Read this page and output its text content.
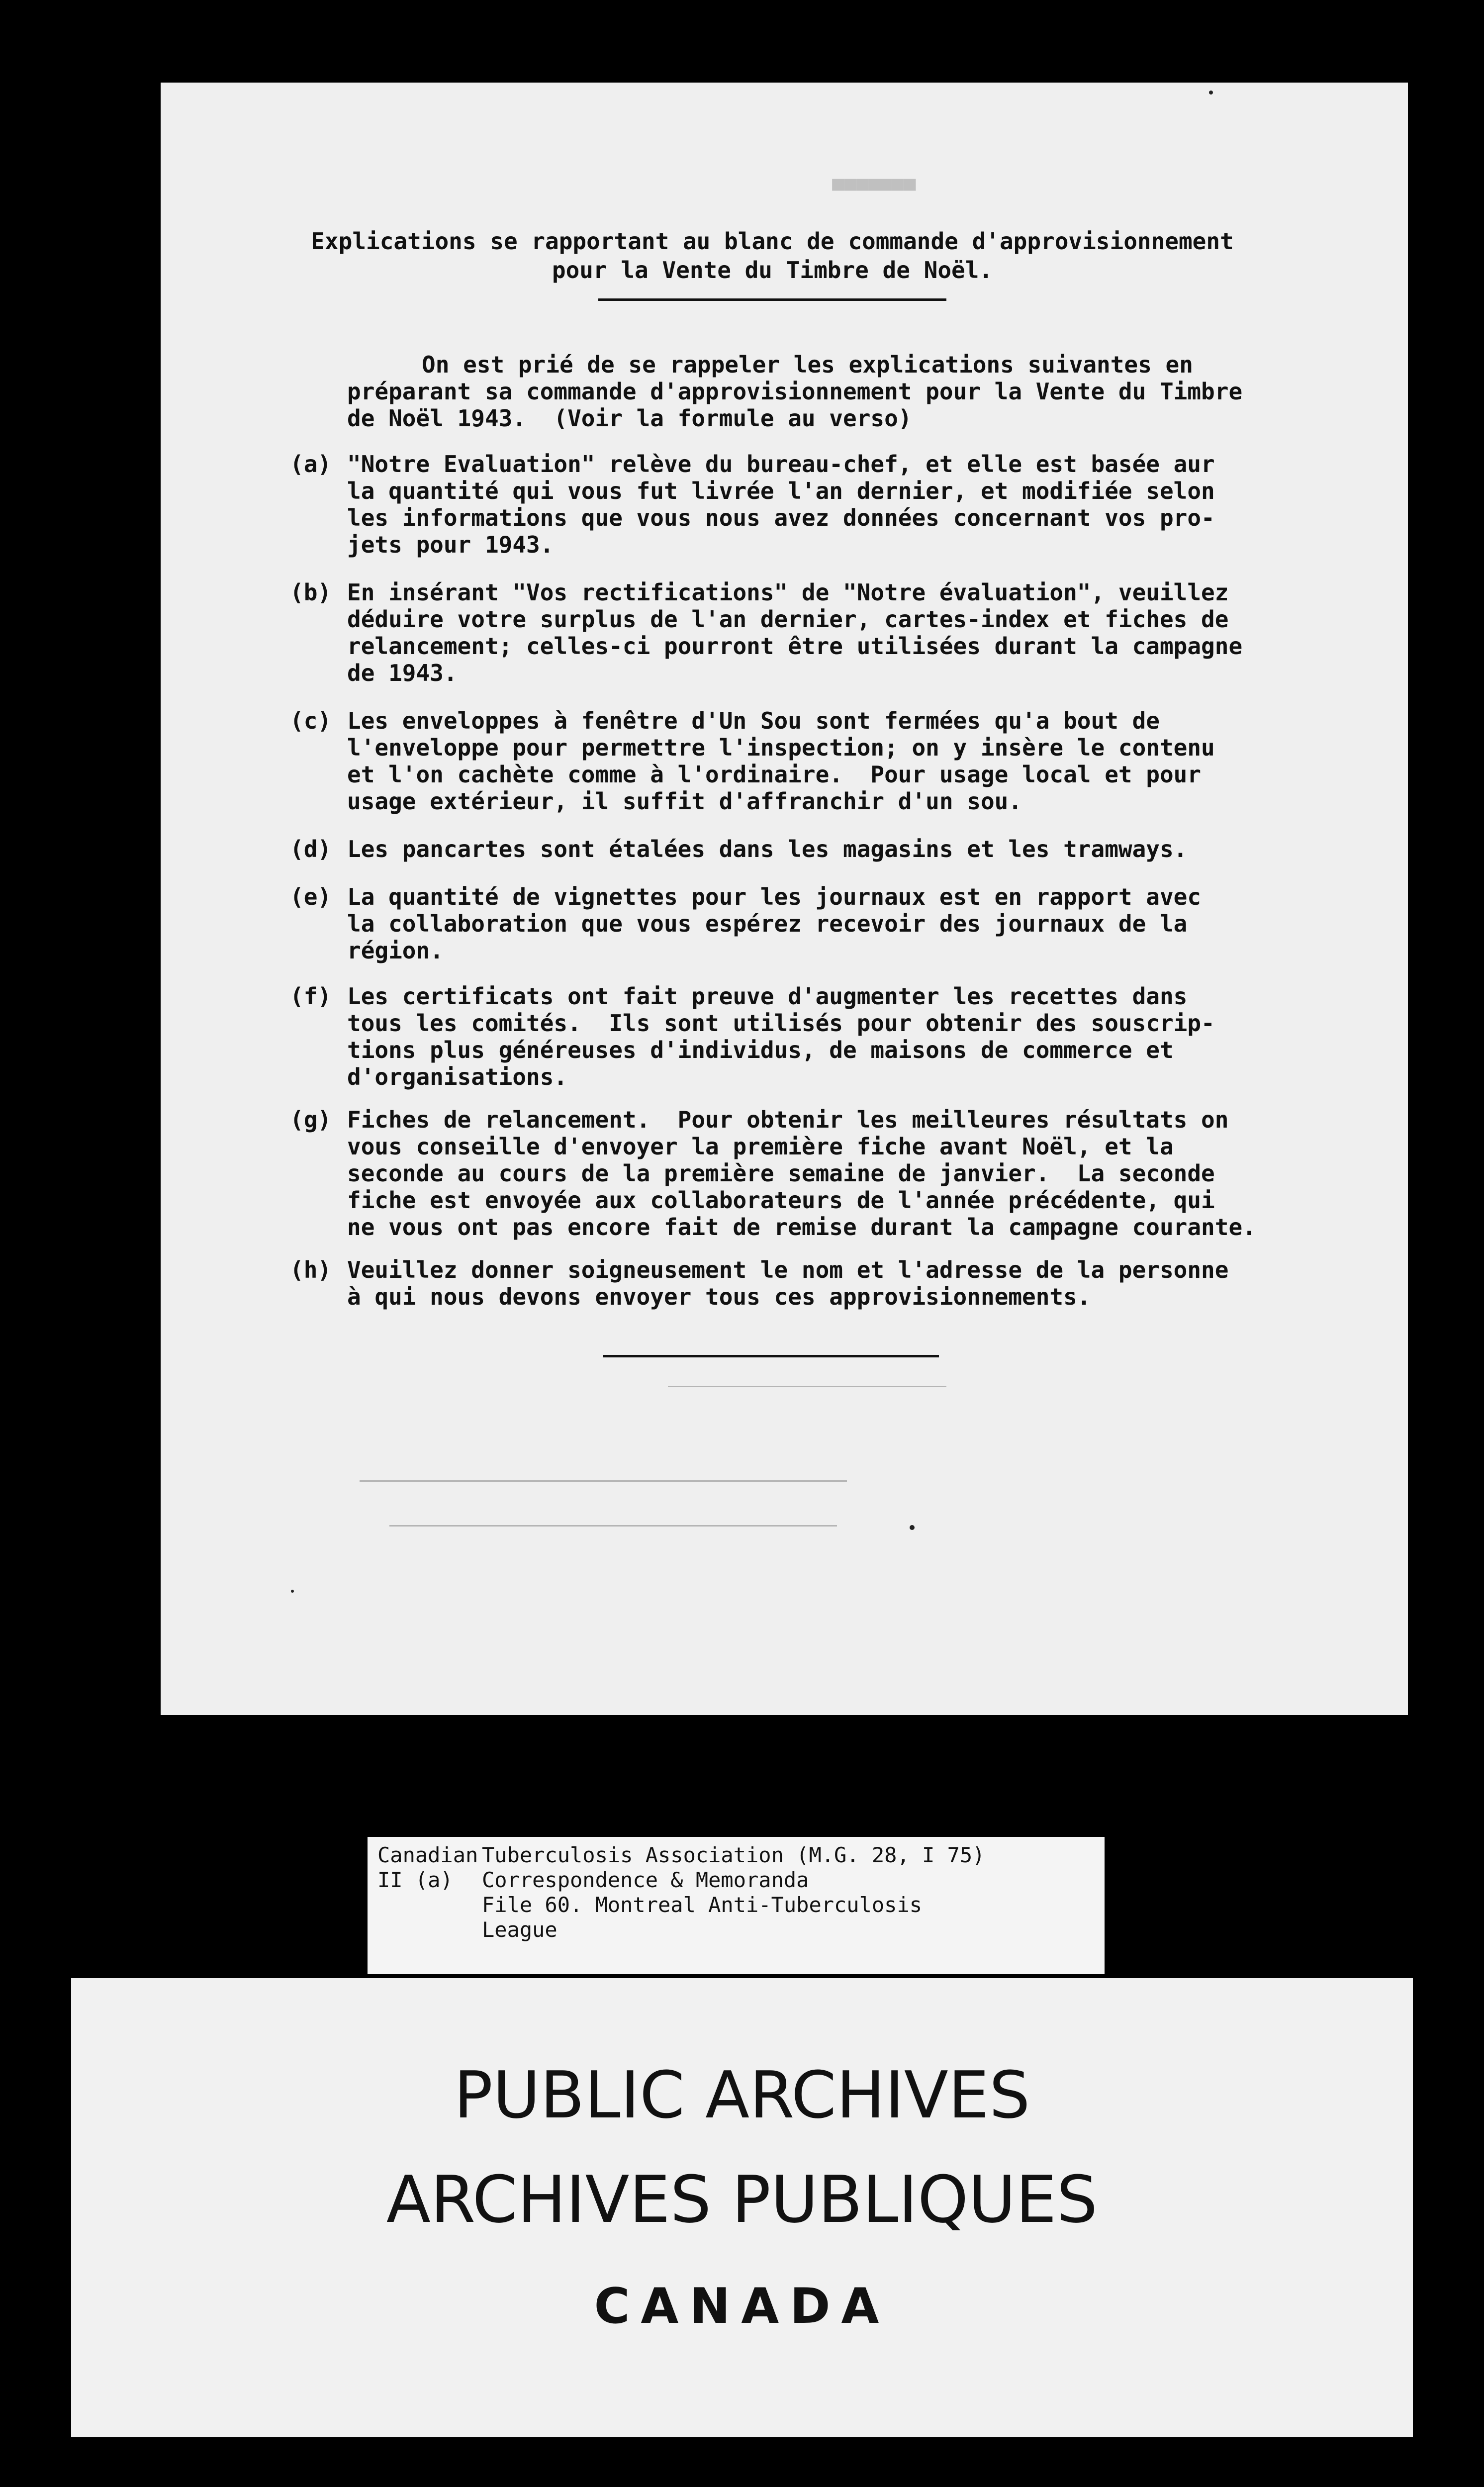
■■■■■■■
Explications se rapportant au blanc de commande d'approvisionnement
pour la Vente du Timbre de Noël.
On est prié de se rappeler les explications suivantes en
préparant sa commande d'approvisionnement pour la Vente du Timbre
de Noël 1943.  (Voir la formule au verso)
(a) "Notre Evaluation" relève du bureau-chef, et elle est basée aur
la quantité qui vous fut livrée l'an dernier, et modifiée selon
les informations que vous nous avez données concernant vos pro-
jets pour 1943.
(b) En insérant "Vos rectifications" de "Notre évaluation", veuillez
déduire votre surplus de l'an dernier, cartes-index et fiches de
relancement; celles-ci pourront être utilisées durant la campagne
de 1943.
(c) Les enveloppes à fenêtre d'Un Sou sont fermées qu'a bout de
l'enveloppe pour permettre l'inspection; on y insère le contenu
et l'on cachète comme à l'ordinaire.  Pour usage local et pour
usage extérieur, il suffit d'affranchir d'un sou.
(d) Les pancartes sont étalées dans les magasins et les tramways.
(e) La quantité de vignettes pour les journaux est en rapport avec
la collaboration que vous espérez recevoir des journaux de la
région.
(f) Les certificats ont fait preuve d'augmenter les recettes dans
tous les comités.  Ils sont utilisés pour obtenir des souscrip-
tions plus généreuses d'individus, de maisons de commerce et
d'organisations.
(g) Fiches de relancement.  Pour obtenir les meilleures résultats on
vous conseille d'envoyer la première fiche avant Noël, et la
seconde au cours de la première semaine de janvier.  La seconde
fiche est envoyée aux collaborateurs de l'année précédente, qui
ne vous ont pas encore fait de remise durant la campagne courante.
(h) Veuillez donner soigneusement le nom et l'adresse de la personne
à qui nous devons envoyer tous ces approvisionnements.
Canadian Tuberculosis Association (M.G. 28, I 75)
II (a)	Correspondence & Memoranda
File 60. Montreal Anti-Tuberculosis
League
PUBLIC ARCHIVES
ARCHIVES PUBLIQUES
CANADA
